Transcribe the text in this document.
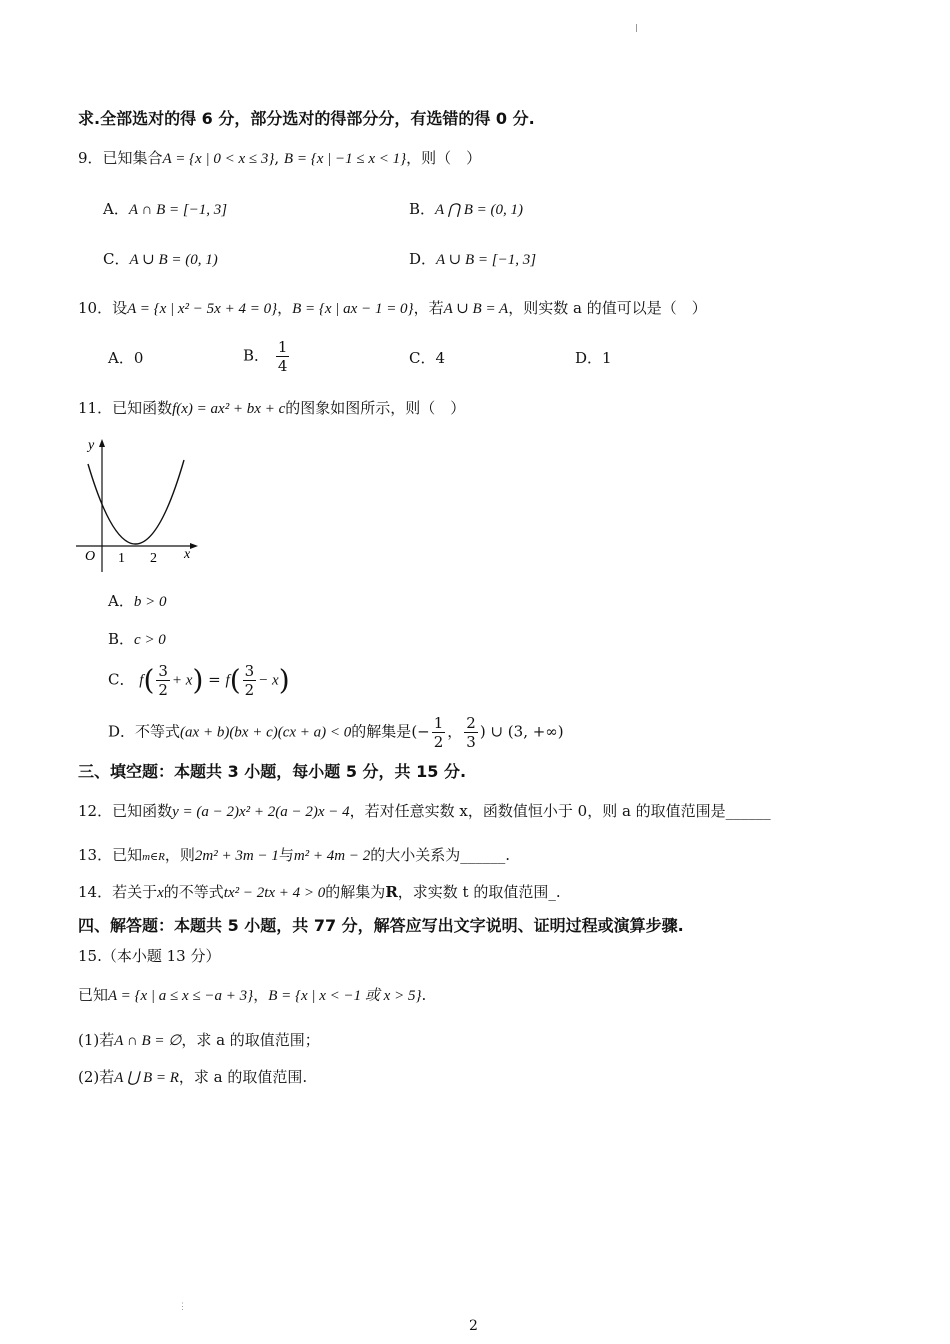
求.全部选对的得 6 分，部分选对的得部分分，有选错的得 0 分.
9．已知集合A = {x | 0 < x ≤ 3}, B = {x | −1 ≤ x < 1}，则（　）
A．A ∩ B = [−1, 3]	B．A ⋂ B = (0, 1)
C．A ∪ B = (0, 1)	D．A ∪ B = [−1, 3]
10．设A = {x | x² − 5x + 4 = 0}，B = {x | ax − 1 = 0}，若A ∪ B = A，则实数 a 的值可以是（　）
A．0	B． $\frac{1}{4}$	C．4	D．1
11．已知函数f(x) = ax² + bx + c的图象如图所示，则（　）
y
x
O 1 2
A．b > 0
B．c > 0
C． $f( \frac{3}{2} + x) = f( \frac{3}{2} - x)$
D．不等式(ax + b)(bx + c)(cx + a) < 0的解集是(− $\frac{1}{2}$ ， $\frac{2}{3}$ ) ∪ (3, +∞)
三、填空题：本题共 3 小题，每小题 5 分，共 15 分.
12．已知函数y = (a − 2)x² + 2(a − 2)x − 4，若对任意实数 x，函数值恒小于 0，则 a 的取值范围是______
13．已知m∈R，则2m² + 3m − 1与m² + 4m − 2的大小关系为______.
14．若关于x的不等式tx² − 2tx + 4 > 0的解集为R，求实数 t 的取值范围_.
四、解答题：本题共 5 小题，共 77 分，解答应写出文字说明、证明过程或演算步骤.
15.（本小题 13 分）
已知A = {x | a ≤ x ≤ −a + 3}，B = {x | x < −1 或 x > 5}.
(1)若A ∩ B = ∅，求 a 的取值范围；
(2)若A ⋃ B = R，求 a 的取值范围.
⋮
2
